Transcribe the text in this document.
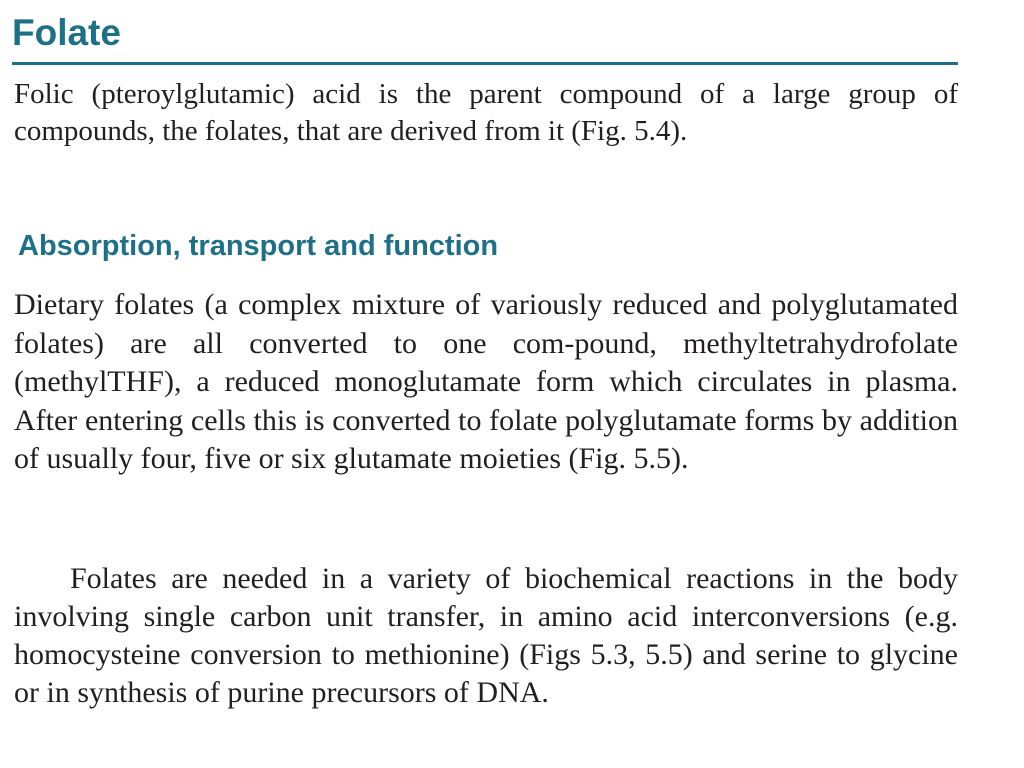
Folate

Folic (pteroylglutamic) acid is the parent compound of a large group of compounds, the folates, that are derived from it (Fig. 5.4).

Absorption, transport and function

Dietary folates (a complex mixture of variously reduced and polyglutamated folates) are all converted to one com-pound, methyltetrahydrofolate (methylTHF), a reduced monoglutamate form which circulates in plasma. After entering cells this is converted to folate polyglutamate forms by addition of usually four, five or six glutamate moieties (Fig. 5.5).

Folates are needed in a variety of biochemical reactions in the body involving single carbon unit transfer, in amino acid interconversions (e.g. homocysteine conversion to methionine) (Figs 5.3, 5.5) and serine to glycine or in synthesis of purine precursors of DNA.
